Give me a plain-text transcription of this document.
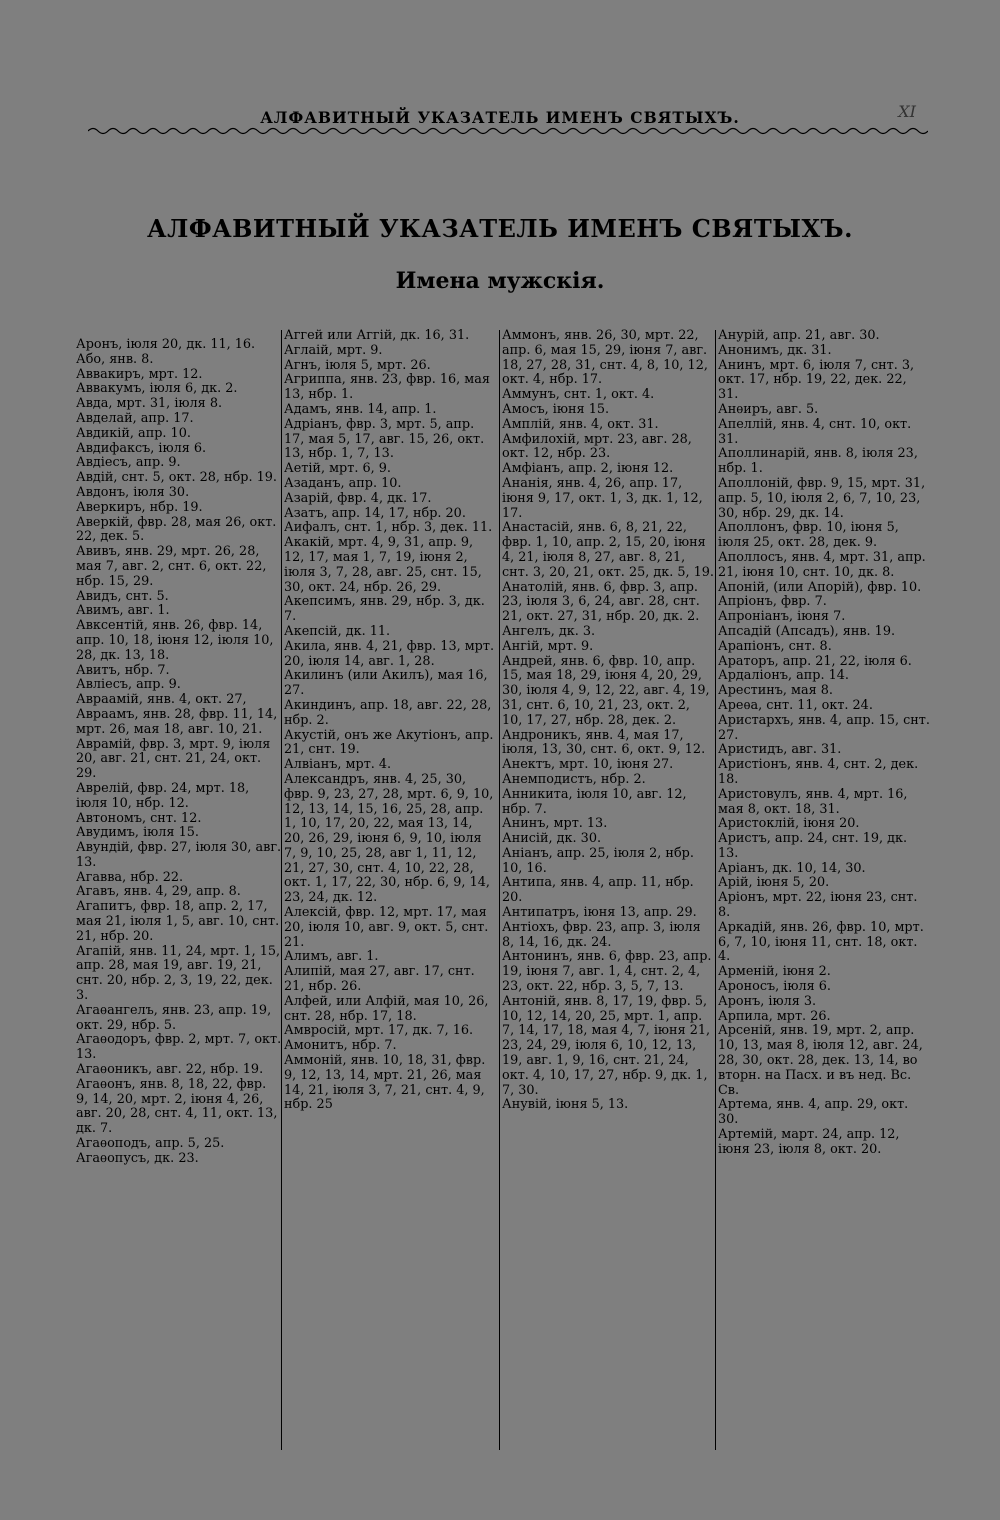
АЛФАВИТНЫЙ УКАЗАТЕЛЬ ИМЕНЪ СВЯТЫХЪ.	XI
АЛФАВИТНЫЙ УКАЗАТЕЛЬ ИМЕНЪ СВЯТЫХЪ.
Имена мужскія.
Аронъ, іюля 20, дк. 11, 16.
Або, янв. 8.
Аввакиръ, мрт. 12.
Аввакумъ, іюля 6, дк. 2.
Авда, мрт. 31, іюля 8.
Авделай, апр. 17.
Авдикій, апр. 10.
Авдифаксъ, іюля 6.
Авдіесъ, апр. 9.
Авдій, снт. 5, окт. 28, нбр. 19.
Авдонъ, іюля 30.
Аверкиръ, нбр. 19.
Аверкій, фвр. 28, мая 26, окт. 22, дек. 5.
Авивъ, янв. 29, мрт. 26, 28, мая 7, авг. 2, снт. 6, окт. 22, нбр. 15, 29.
Авидъ, снт. 5.
Авимъ, авг. 1.
Авксентій, янв. 26, фвр. 14, апр. 10, 18, іюня 12, іюля 10, 28, дк. 13, 18.
Авитъ, нбр. 7.
Авліесъ, апр. 9.
Авраамій, янв. 4, окт. 27,
Авраамъ, янв. 28, фвр. 11, 14, мрт. 26, мая 18, авг. 10, 21.
Аврамій, фвр. 3, мрт. 9, іюля 20, авг. 21, снт. 21, 24, окт. 29.
Аврелій, фвр. 24, мрт. 18, іюля 10, нбр. 12.
Автономъ, снт. 12.
Авудимъ, іюля 15.
Авундій, фвр. 27, іюля 30, авг. 13.
Агавва, нбр. 22.
Агавъ, янв. 4, 29, апр. 8.
Агапитъ, фвр. 18, апр. 2, 17, мая 21, іюля 1, 5, авг. 10, снт. 21, нбр. 20.
Агапій, янв. 11, 24, мрт. 1, 15, апр. 28, мая 19, авг. 19, 21, снт. 20, нбр. 2, 3, 19, 22, дек. 3.
Агаѳангелъ, янв. 23, апр. 19, окт. 29, нбр. 5.
Агаѳодоръ, фвр. 2, мрт. 7, окт. 13.
Агаѳоникъ, авг. 22, нбр. 19.
Агаѳонъ, янв. 8, 18, 22, фвр. 9, 14, 20, мрт. 2, іюня 4, 26, авг. 20, 28, снт. 4, 11, окт. 13, дк. 7.
Агаѳоподъ, апр. 5, 25.
Агаѳопусъ, дк. 23.
Аггей или Аггій, дк. 16, 31.
Аглаій, мрт. 9.
Агнъ, іюля 5, мрт. 26.
Агриппа, янв. 23, фвр. 16, мая 13, нбр. 1.
Адамъ, янв. 14, апр. 1.
Адріанъ, фвр. 3, мрт. 5, апр. 17, мая 5, 17, авг. 15, 26, окт. 13, нбр. 1, 7, 13.
Аетій, мрт. 6, 9.
Азаданъ, апр. 10.
Азарій, фвр. 4, дк. 17.
Азатъ, апр. 14, 17, нбр. 20.
Аифалъ, снт. 1, нбр. 3, дек. 11.
Акакій, мрт. 4, 9, 31, апр. 9, 12, 17, мая 1, 7, 19, іюня 2, іюля 3, 7, 28, авг. 25, снт. 15, 30, окт. 24, нбр. 26, 29.
Акепсимъ, янв. 29, нбр. 3, дк. 7.
Акепсій, дк. 11.
Акила, янв. 4, 21, фвр. 13, мрт. 20, іюля 14, авг. 1, 28.
Акилинъ (или Акилъ), мая 16, 27.
Акиндинъ, апр. 18, авг. 22, 28, нбр. 2.
Акустій, онъ же Акутіонъ, апр. 21, снт. 19.
Алвіанъ, мрт. 4.
Александръ, янв. 4, 25, 30, фвр. 9, 23, 27, 28, мрт. 6, 9, 10, 12, 13, 14, 15, 16, 25, 28, апр. 1, 10, 17, 20, 22, мая 13, 14, 20, 26, 29, іюня 6, 9, 10, іюля 7, 9, 10, 25, 28, авг 1, 11, 12, 21, 27, 30, снт. 4, 10, 22, 28, окт. 1, 17, 22, 30, нбр. 6, 9, 14, 23, 24, дк. 12.
Алексій, фвр. 12, мрт. 17, мая 20, іюля 10, авг. 9, окт. 5, снт. 21.
Алимъ, авг. 1.
Алипій, мая 27, авг. 17, снт. 21, нбр. 26.
Алфей, или Алфій, мая 10, 26, снт. 28, нбр. 17, 18.
Амвросій, мрт. 17, дк. 7, 16.
Амонитъ, нбр. 7.
Аммоній, янв. 10, 18, 31, фвр. 9, 12, 13, 14, мрт. 21, 26, мая 14, 21, іюля 3, 7, 21, снт. 4, 9, нбр. 25
Аммонъ, янв. 26, 30, мрт. 22, апр. 6, мая 15, 29, іюня 7, авг. 18, 27, 28, 31, снт. 4, 8, 10, 12, окт. 4, нбр. 17.
Аммунъ, снт. 1, окт. 4.
Амосъ, іюня 15.
Амплій, янв. 4, окт. 31.
Амфилохій, мрт. 23, авг. 28, окт. 12, нбр. 23.
Амфіанъ, апр. 2, іюня 12.
Ананія, янв. 4, 26, апр. 17, іюня 9, 17, окт. 1, 3, дк. 1, 12, 17.
Анастасій, янв. 6, 8, 21, 22, фвр. 1, 10, апр. 2, 15, 20, іюня 4, 21, іюля 8, 27, авг. 8, 21, снт. 3, 20, 21, окт. 25, дк. 5, 19.
Анатолій, янв. 6, фвр. 3, апр. 23, іюля 3, 6, 24, авг. 28, снт. 21, окт. 27, 31, нбр. 20, дк. 2.
Ангелъ, дк. 3.
Ангій, мрт. 9.
Андрей, янв. 6, фвр. 10, апр. 15, мая 18, 29, іюня 4, 20, 29, 30, іюля 4, 9, 12, 22, авг. 4, 19, 31, снт. 6, 10, 21, 23, окт. 2, 10, 17, 27, нбр. 28, дек. 2.
Андроникъ, янв. 4, мая 17, іюля, 13, 30, снт. 6, окт. 9, 12.
Анектъ, мрт. 10, іюня 27.
Анемподистъ, нбр. 2.
Анникита, іюля 10, авг. 12, нбр. 7.
Анинъ, мрт. 13.
Анисій, дк. 30.
Аніанъ, апр. 25, іюля 2, нбр. 10, 16.
Антипа, янв. 4, апр. 11, нбр. 20.
Антипатръ, іюня 13, апр. 29.
Антіохъ, фвр. 23, апр. 3, іюля 8, 14, 16, дк. 24.
Антонинъ, янв. 6, фвр. 23, апр. 19, іюня 7, авг. 1, 4, снт. 2, 4, 23, окт. 22, нбр. 3, 5, 7, 13.
Антоній, янв. 8, 17, 19, фвр. 5, 10, 12, 14, 20, 25, мрт. 1, апр. 7, 14, 17, 18, мая 4, 7, іюня 21, 23, 24, 29, іюля 6, 10, 12, 13, 19, авг. 1, 9, 16, снт. 21, 24, окт. 4, 10, 17, 27, нбр. 9, дк. 1, 7, 30.
Анувій, іюня 5, 13.
Анурій, апр. 21, авг. 30.
Анонимъ, дк. 31.
Анинъ, мрт. 6, іюля 7, снт. 3, окт. 17, нбр. 19, 22, дек. 22, 31.
Анѳиръ, авг. 5.
Апеллій, янв. 4, снт. 10, окт. 31.
Аполлинарій, янв. 8, іюля 23, нбр. 1.
Аполлоній, фвр. 9, 15, мрт. 31, апр. 5, 10, іюля 2, 6, 7, 10, 23, 30, нбр. 29, дк. 14.
Аполлонъ, фвр. 10, іюня 5, іюля 25, окт. 28, дек. 9.
Аполлосъ, янв. 4, мрт. 31, апр. 21, іюня 10, снт. 10, дк. 8.
Апоній, (или Апорій), фвр. 10.
Апріонъ, фвр. 7.
Апроніанъ, іюня 7.
Апсадій (Апсадъ), янв. 19.
Арапіонъ, снт. 8.
Араторъ, апр. 21, 22, іюля 6.
Ардаліонъ, апр. 14.
Арестинъ, мая 8.
Ареѳа, снт. 11, окт. 24.
Аристархъ, янв. 4, апр. 15, снт. 27.
Аристидъ, авг. 31.
Аристіонъ, янв. 4, снт. 2, дек. 18.
Аристовулъ, янв. 4, мрт. 16, мая 8, окт. 18, 31.
Аристоклій, іюня 20.
Аристъ, апр. 24, снт. 19, дк. 13.
Аріанъ, дк. 10, 14, 30.
Арій, іюня 5, 20.
Аріонъ, мрт. 22, іюня 23, снт. 8.
Аркадій, янв. 26, фвр. 10, мрт. 6, 7, 10, іюня 11, снт. 18, окт. 4.
Арменій, іюня 2.
Ароносъ, іюля 6.
Аронъ, іюля 3.
Арпила, мрт. 26.
Арсеній, янв. 19, мрт. 2, апр. 10, 13, мая 8, іюля 12, авг. 24, 28, 30, окт. 28, дек. 13, 14, во вторн. на Пасх. и въ нед. Вс. Св.
Артема, янв. 4, апр. 29, окт. 30.
Артемій, март. 24, апр. 12, іюня 23, іюля 8, окт. 20.
